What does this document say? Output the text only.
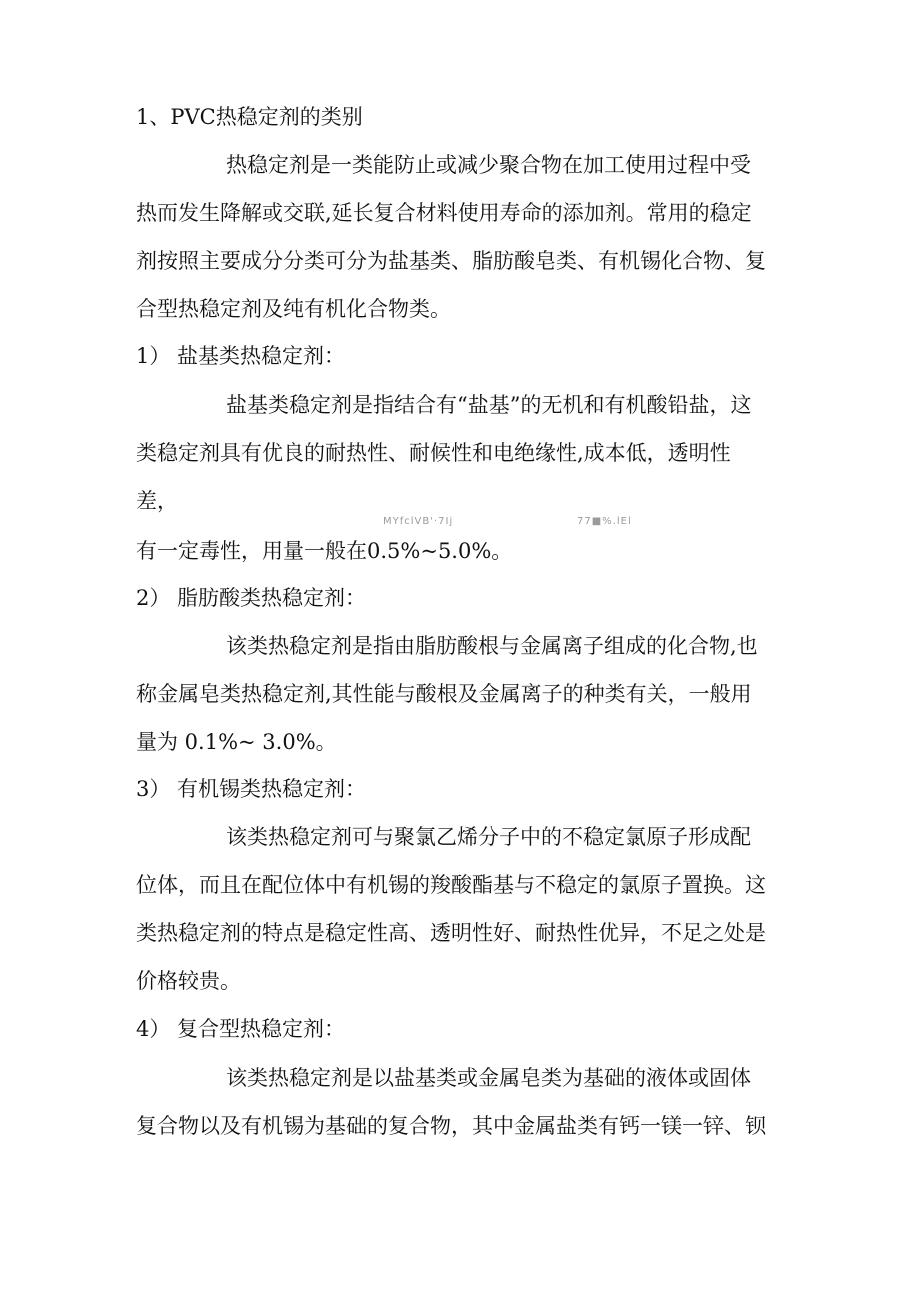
1、PVC热稳定剂的类别

热稳定剂是一类能防止或减少聚合物在加工使用过程中受

热而发生降解或交联,延长复合材料使用寿命的添加剂。常用的稳定

剂按照主要成分分类可分为盐基类、脂肪酸皂类、有机锡化合物、复

合型热稳定剂及纯有机化合物类。

1） 盐基类热稳定剂：

盐基类稳定剂是指结合有“盐基”的无机和有机酸铅盐，这

类稳定剂具有优良的耐热性、耐候性和电绝缘性,成本低，透明性

差，

MYfclVB'·7Ij	77■%.lEl

有一定毒性，用量一般在0.5%~5.0%。

2） 脂肪酸类热稳定剂：

该类热稳定剂是指由脂肪酸根与金属离子组成的化合物,也

称金属皂类热稳定剂,其性能与酸根及金属离子的种类有关，一般用

量为 0.1%~ 3.0%。

3） 有机锡类热稳定剂：

该类热稳定剂可与聚氯乙烯分子中的不稳定氯原子形成配

位体，而且在配位体中有机锡的羧酸酯基与不稳定的氯原子置换。这

类热稳定剂的特点是稳定性高、透明性好、耐热性优异，不足之处是

价格较贵。

4） 复合型热稳定剂：

该类热稳定剂是以盐基类或金属皂类为基础的液体或固体

复合物以及有机锡为基础的复合物，其中金属盐类有钙一镁一锌、钡
